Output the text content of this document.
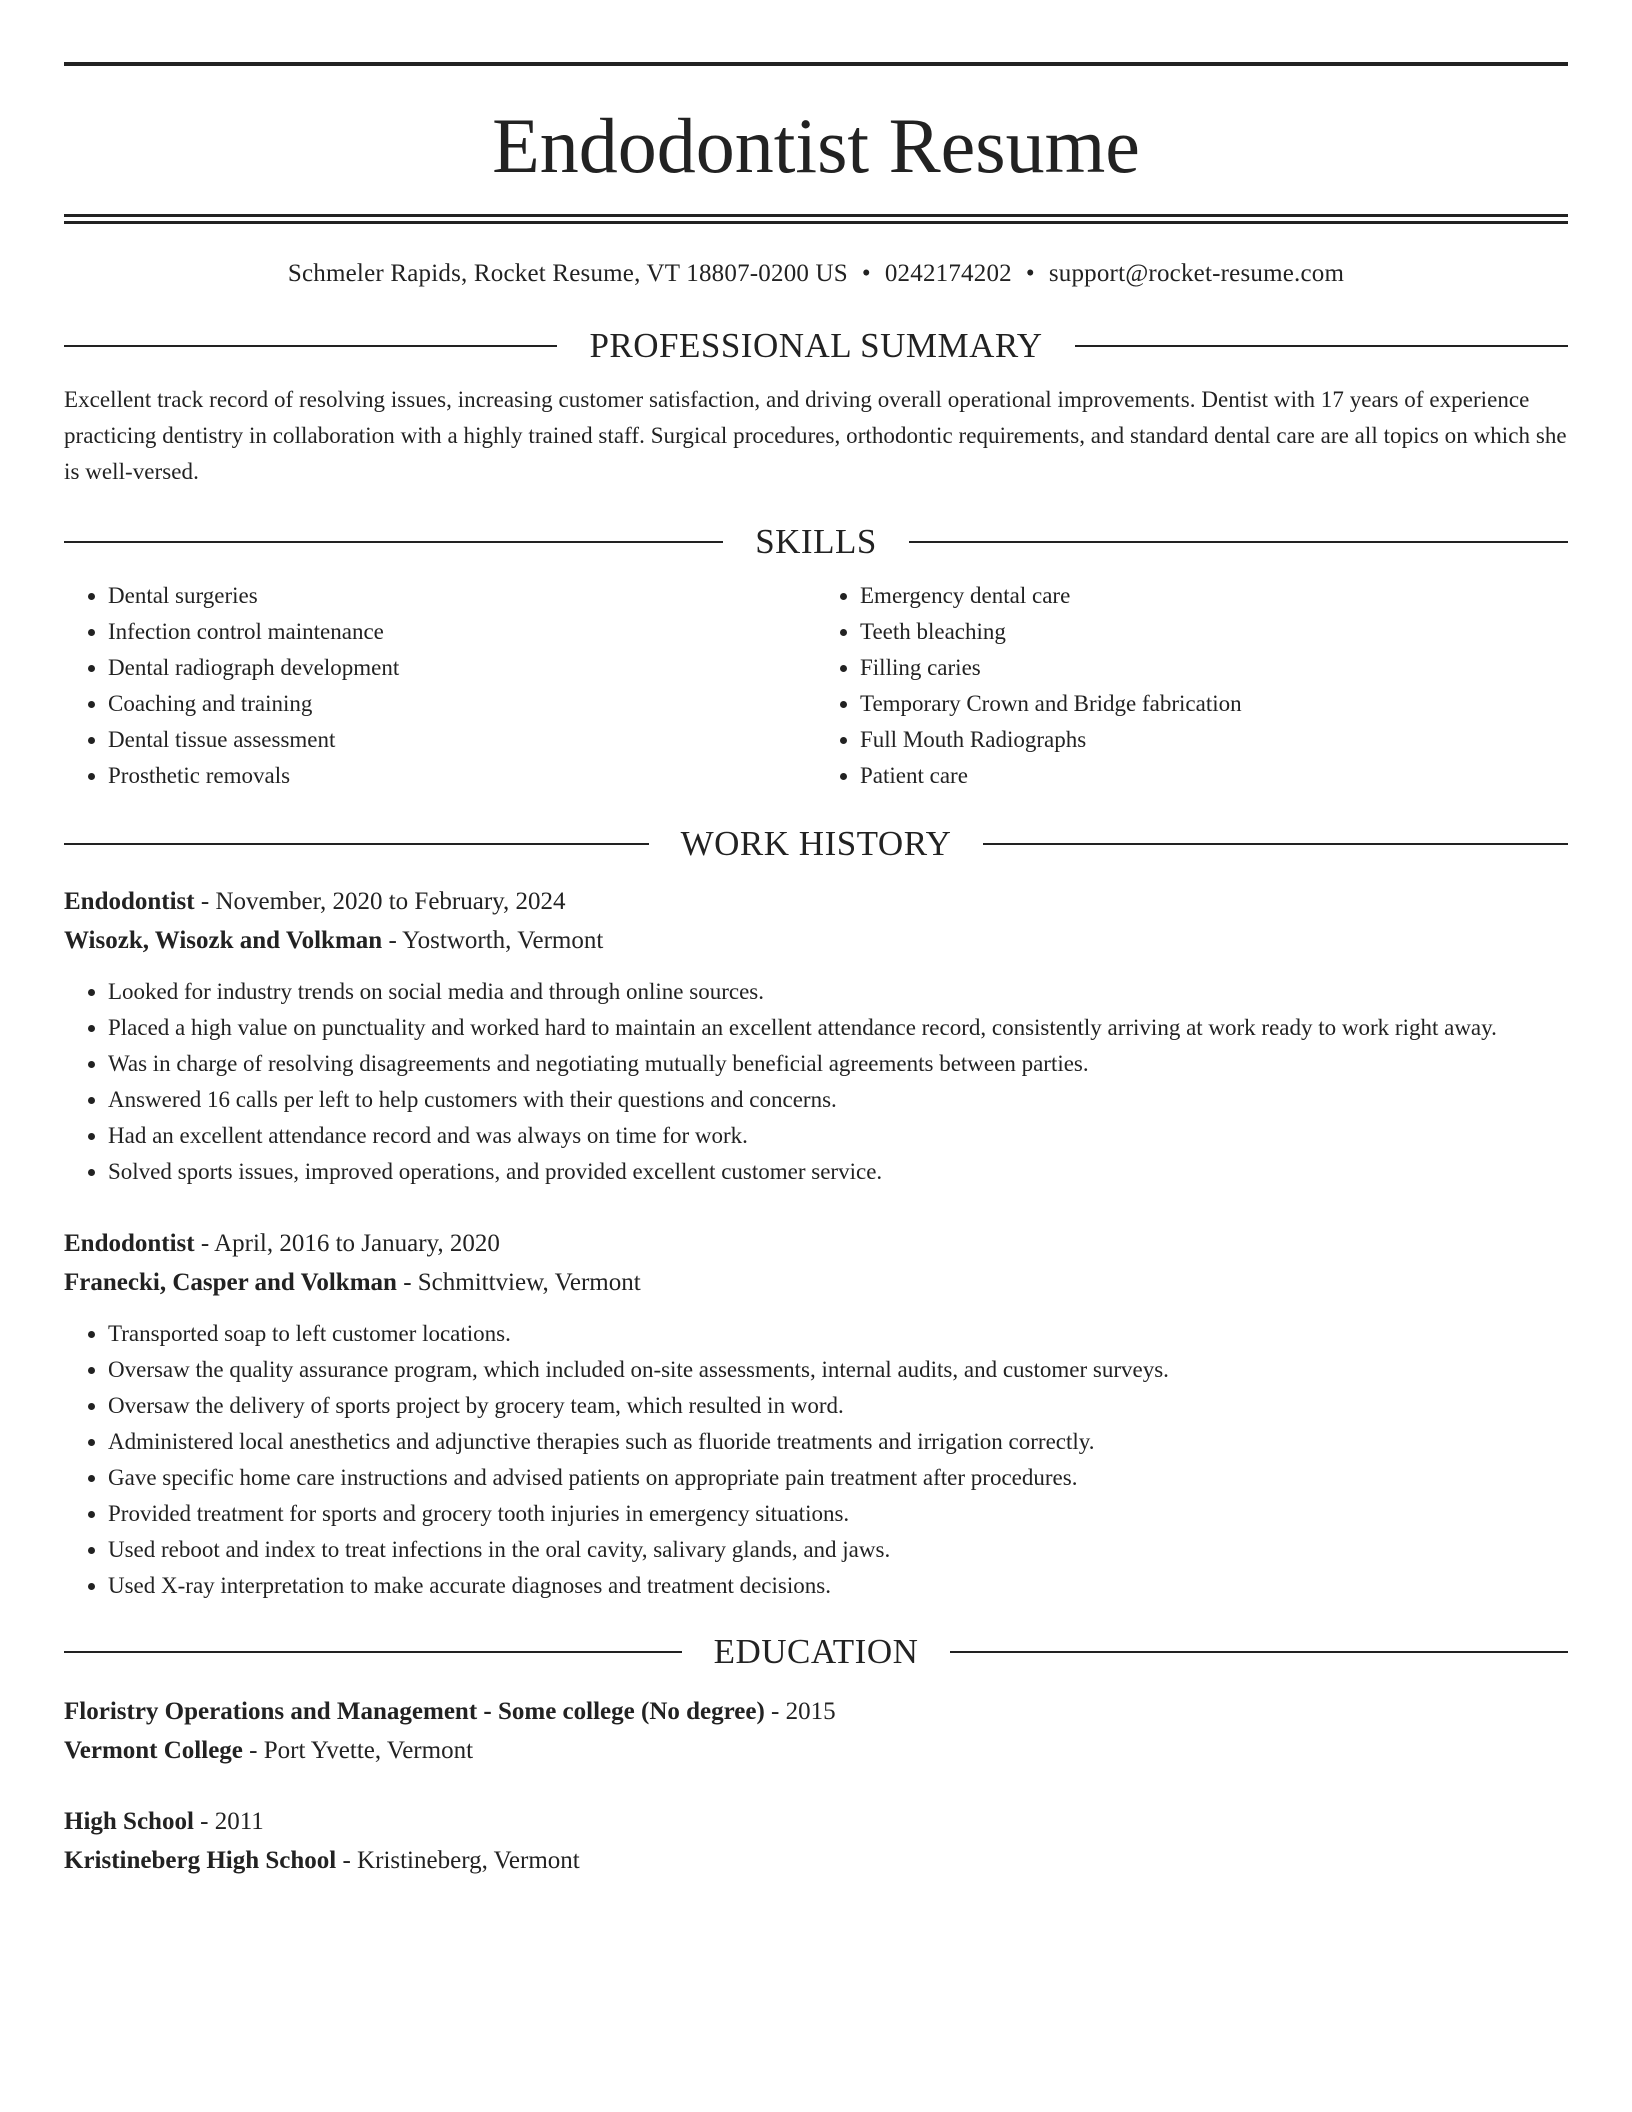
Endodontist Resume
Schmeler Rapids, Rocket Resume, VT 18807-0200 US • 0242174202 • support@rocket-resume.com
PROFESSIONAL SUMMARY
Excellent track record of resolving issues, increasing customer satisfaction, and driving overall operational improvements. Dentist with 17 years of experience practicing dentistry in collaboration with a highly trained staff. Surgical procedures, orthodontic requirements, and standard dental care are all topics on which she is well-versed.
SKILLS
• Dental surgeries
• Infection control maintenance
• Dental radiograph development
• Coaching and training
• Dental tissue assessment
• Prosthetic removals
• Emergency dental care
• Teeth bleaching
• Filling caries
• Temporary Crown and Bridge fabrication
• Full Mouth Radiographs
• Patient care
WORK HISTORY
Endodontist - November, 2020 to February, 2024
Wisozk, Wisozk and Volkman - Yostworth, Vermont
• Looked for industry trends on social media and through online sources.
• Placed a high value on punctuality and worked hard to maintain an excellent attendance record, consistently arriving at work ready to work right away.
• Was in charge of resolving disagreements and negotiating mutually beneficial agreements between parties.
• Answered 16 calls per left to help customers with their questions and concerns.
• Had an excellent attendance record and was always on time for work.
• Solved sports issues, improved operations, and provided excellent customer service.
Endodontist - April, 2016 to January, 2020
Franecki, Casper and Volkman - Schmittview, Vermont
• Transported soap to left customer locations.
• Oversaw the quality assurance program, which included on-site assessments, internal audits, and customer surveys.
• Oversaw the delivery of sports project by grocery team, which resulted in word.
• Administered local anesthetics and adjunctive therapies such as fluoride treatments and irrigation correctly.
• Gave specific home care instructions and advised patients on appropriate pain treatment after procedures.
• Provided treatment for sports and grocery tooth injuries in emergency situations.
• Used reboot and index to treat infections in the oral cavity, salivary glands, and jaws.
• Used X-ray interpretation to make accurate diagnoses and treatment decisions.
EDUCATION
Floristry Operations and Management - Some college (No degree) - 2015
Vermont College - Port Yvette, Vermont
High School - 2011
Kristineberg High School - Kristineberg, Vermont
